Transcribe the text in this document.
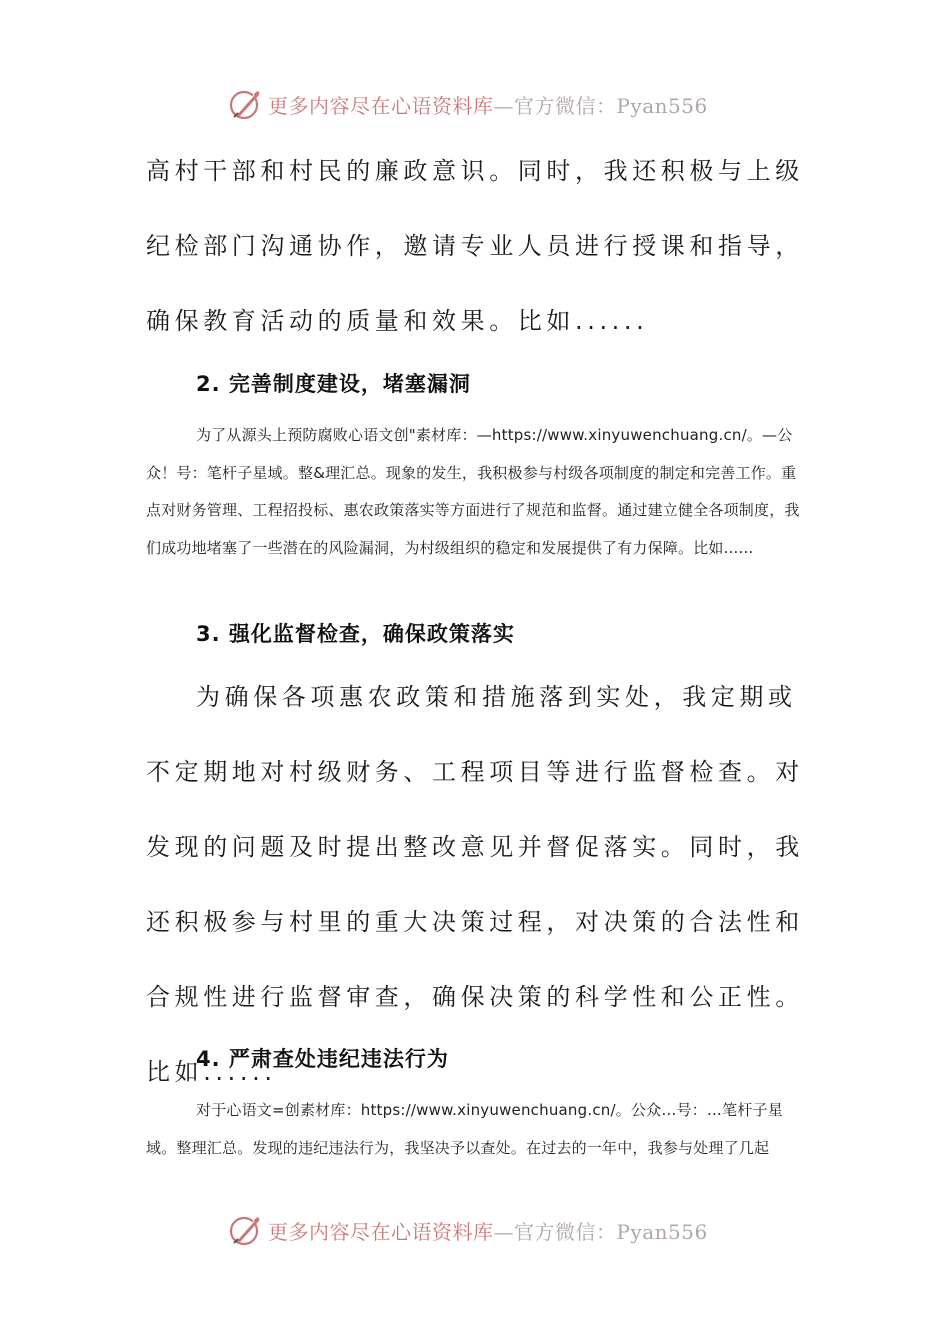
更多内容尽在心语资料库—官方微信：Pyan556

高村干部和村民的廉政意识。同时，我还积极与上级纪检部门沟通协作，邀请专业人员进行授课和指导，确保教育活动的质量和效果。比如......

2. 完善制度建设，堵塞漏洞

为了从源头上预防腐败心语文创"素材库：—https://www.xinyuwenchuang.cn/。—公众！号：笔杆子星域。整&理汇总。现象的发生，我积极参与村级各项制度的制定和完善工作。重点对财务管理、工程招投标、惠农政策落实等方面进行了规范和监督。通过建立健全各项制度，我们成功地堵塞了一些潜在的风险漏洞，为村级组织的稳定和发展提供了有力保障。比如......

3. 强化监督检查，确保政策落实

为确保各项惠农政策和措施落到实处，我定期或不定期地对村级财务、工程项目等进行监督检查。对发现的问题及时提出整改意见并督促落实。同时，我还积极参与村里的重大决策过程，对决策的合法性和合规性进行监督审查，确保决策的科学性和公正性。比如......

4. 严肃查处违纪违法行为

对于心语文=创素材库：https://www.xinyuwenchuang.cn/。公众…号：…笔杆子星域。整理汇总。发现的违纪违法行为，我坚决予以查处。在过去的一年中，我参与处理了几起

更多内容尽在心语资料库—官方微信：Pyan556
